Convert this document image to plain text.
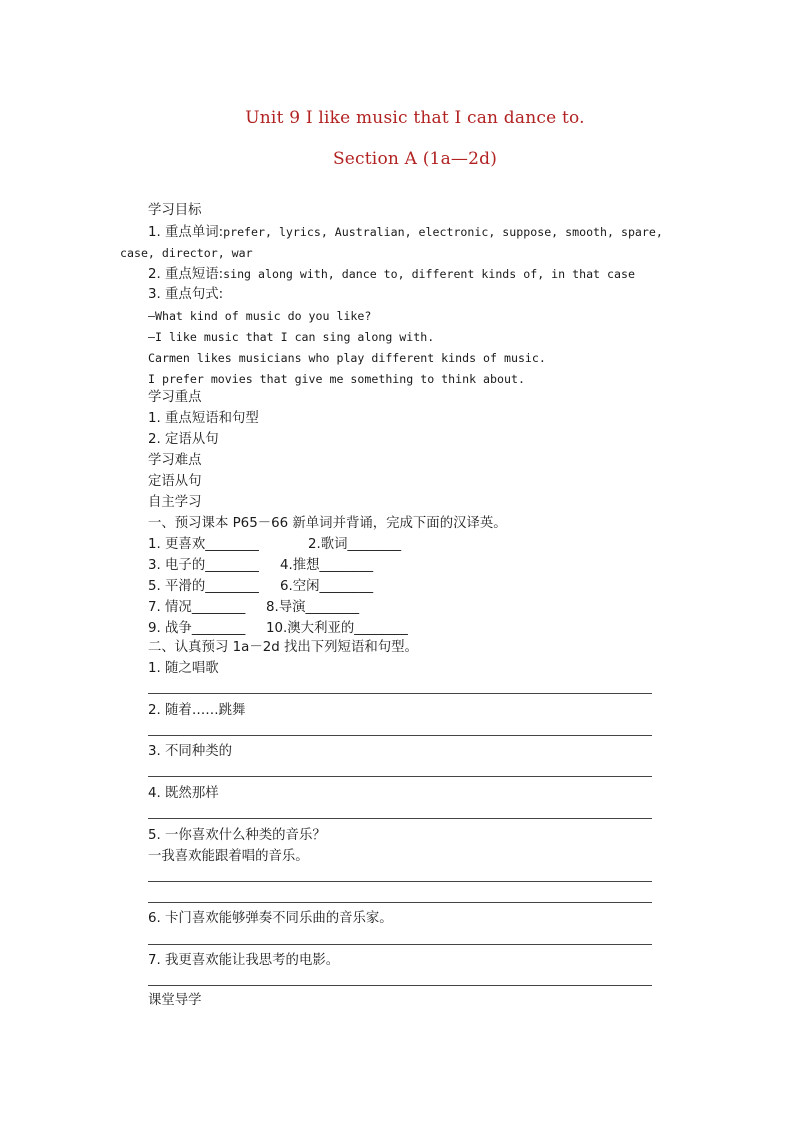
Unit 9 I like music that I can dance to.
Section A (1a—2d)
学习目标
1. 重点单词:prefer, lyrics, Australian, electronic, suppose, smooth, spare,
case, director, war
2. 重点短语:sing along with, dance to, different kinds of, in that case
3. 重点句式:
—What kind of music do you like?
—I like music that I can sing along with.
Carmen likes musicians who play different kinds of music.
I prefer movies that give me something to think about.
学习重点
1. 重点短语和句型
2. 定语从句
学习难点
定语从句
自主学习
一、预习课本 P65－66 新单词并背诵，完成下面的汉译英。
1. 更喜欢________	2.歌词________
3. 电子的________ 4.推想________
5. 平滑的________ 6.空闲________
7. 情况________ 8.导演________
9. 战争________ 10.澳大利亚的________
二、认真预习 1a－2d 找出下列短语和句型。
1. 随之唱歌
2. 随着……跳舞
3. 不同种类的
4. 既然那样
5. 一你喜欢什么种类的音乐？
一我喜欢能跟着唱的音乐。
6. 卡门喜欢能够弹奏不同乐曲的音乐家。
7. 我更喜欢能让我思考的电影。
课堂导学
